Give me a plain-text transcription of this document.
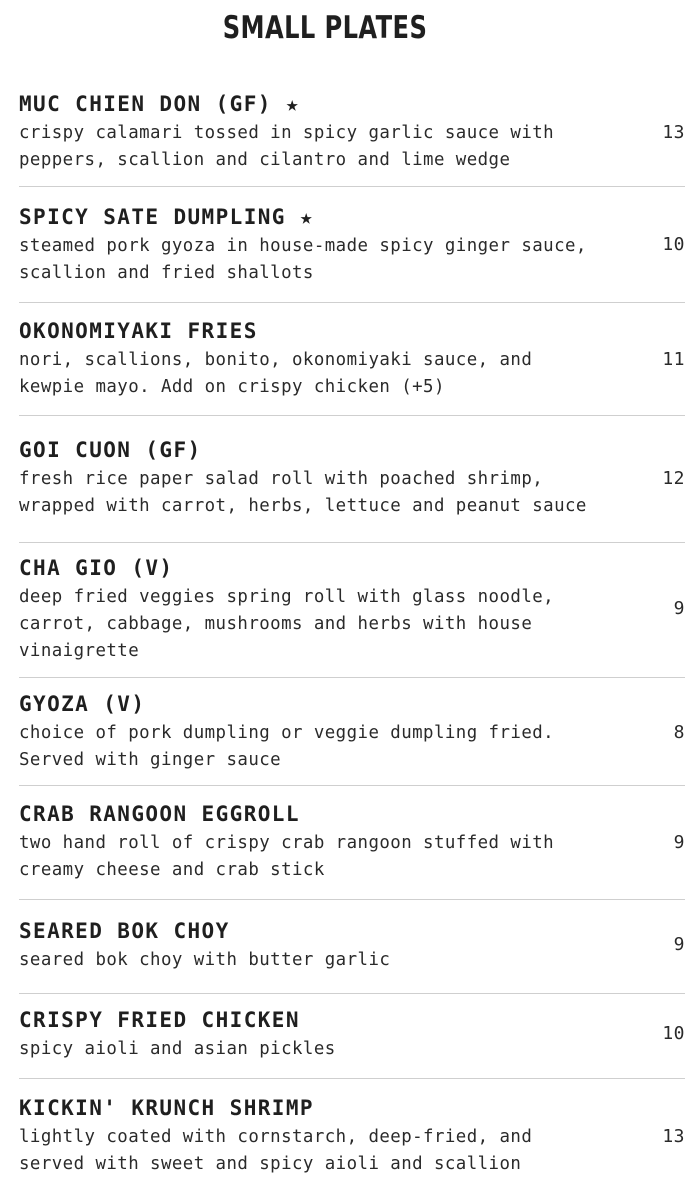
SMALL PLATES
MUC CHIEN DON (GF) ★
crispy calamari tossed in spicy garlic sauce with
peppers, scallion and cilantro and lime wedge
13
SPICY SATE DUMPLING ★
steamed pork gyoza in house-made spicy ginger sauce,
scallion and fried shallots
10
OKONOMIYAKI FRIES
nori, scallions, bonito, okonomiyaki sauce, and
kewpie mayo. Add on crispy chicken (+5)
11
GOI CUON (GF)
fresh rice paper salad roll with poached shrimp,
wrapped with carrot, herbs, lettuce and peanut sauce
12
CHA GIO (V)
deep fried veggies spring roll with glass noodle,
carrot, cabbage, mushrooms and herbs with house
vinaigrette
9
GYOZA (V)
choice of pork dumpling or veggie dumpling fried.
Served with ginger sauce
8
CRAB RANGOON EGGROLL
two hand roll of crispy crab rangoon stuffed with
creamy cheese and crab stick
9
SEARED BOK CHOY
seared bok choy with butter garlic
9
CRISPY FRIED CHICKEN
spicy aioli and asian pickles
10
KICKIN' KRUNCH SHRIMP
lightly coated with cornstarch, deep-fried, and
served with sweet and spicy aioli and scallion
13
